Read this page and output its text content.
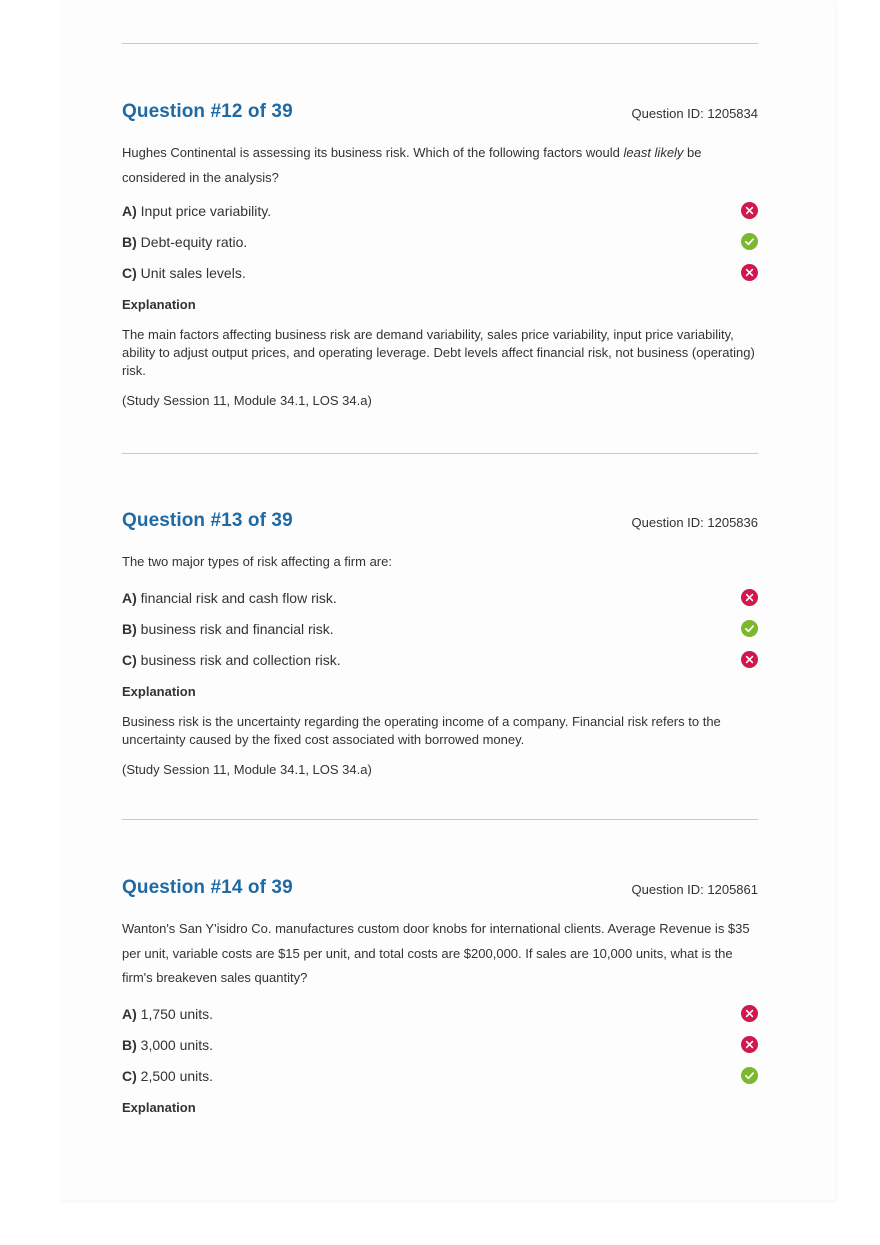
Question #12 of 39	Question ID: 1205834

Hughes Continental is assessing its business risk. Which of the following factors would least likely be considered in the analysis?

A) Input price variability.
B) Debt-equity ratio.
C) Unit sales levels.

Explanation

The main factors affecting business risk are demand variability, sales price variability, input price variability, ability to adjust output prices, and operating leverage. Debt levels affect financial risk, not business (operating) risk.

(Study Session 11, Module 34.1, LOS 34.a)

Question #13 of 39	Question ID: 1205836

The two major types of risk affecting a firm are:

A) financial risk and cash flow risk.
B) business risk and financial risk.
C) business risk and collection risk.

Explanation

Business risk is the uncertainty regarding the operating income of a company. Financial risk refers to the uncertainty caused by the fixed cost associated with borrowed money.

(Study Session 11, Module 34.1, LOS 34.a)

Question #14 of 39	Question ID: 1205861

Wanton's San Y'isidro Co. manufactures custom door knobs for international clients. Average Revenue is $35 per unit, variable costs are $15 per unit, and total costs are $200,000. If sales are 10,000 units, what is the firm's breakeven sales quantity?

A) 1,750 units.
B) 3,000 units.
C) 2,500 units.

Explanation
